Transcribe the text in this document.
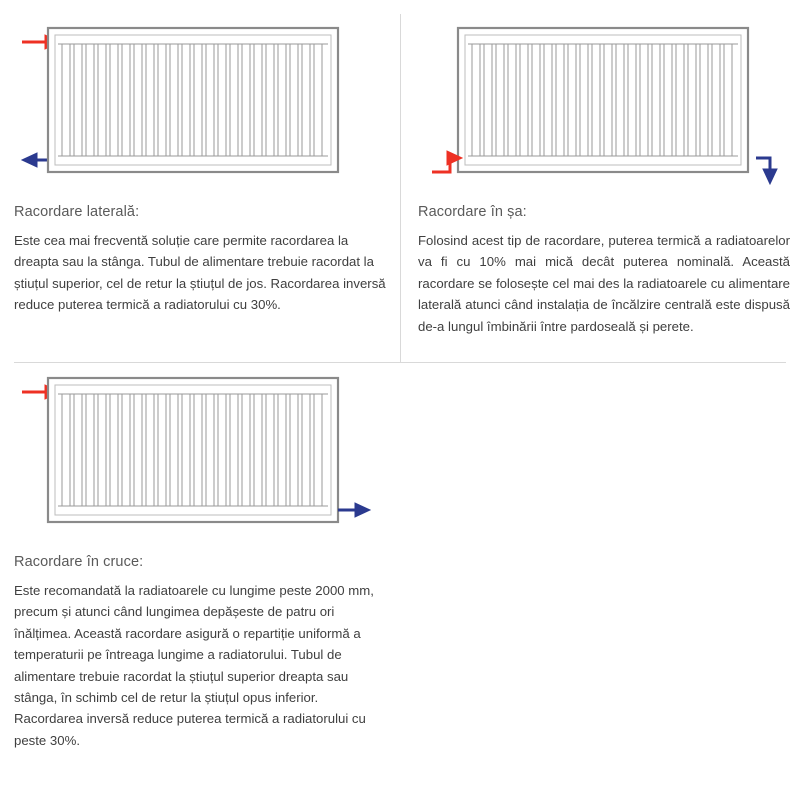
Racordare laterală:

Este cea mai frecventă soluție care permite racordarea la dreapta sau la stânga. Tubul de alimentare trebuie racordat la știuțul superior, cel de retur la știuțul de jos. Racordarea inversă reduce puterea termică a radiatorului cu 30%.

Racordare în șa:

Folosind acest tip de racordare, puterea termică a radiatoarelor va fi cu 10% mai mică decât puterea nominală. Această racordare se folosește cel mai des la radiatoarele cu alimentare laterală atunci când instalația de încălzire centrală este dispusă de-a lungul îmbinării între pardoseală și perete.

Racordare în cruce:

Este recomandată la radiatoarele cu lungime peste 2000 mm, precum și atunci când lungimea depășeste de patru ori înălțimea. Această racordare asigură o repartiție uniformă a temperaturii pe întreaga lungime a radiatorului. Tubul de alimentare trebuie racordat la știuțul superior dreapta sau stânga, în schimb cel de retur la știuțul opus inferior. Racordarea inversă reduce puterea termică a radiatorului cu peste 30%.
